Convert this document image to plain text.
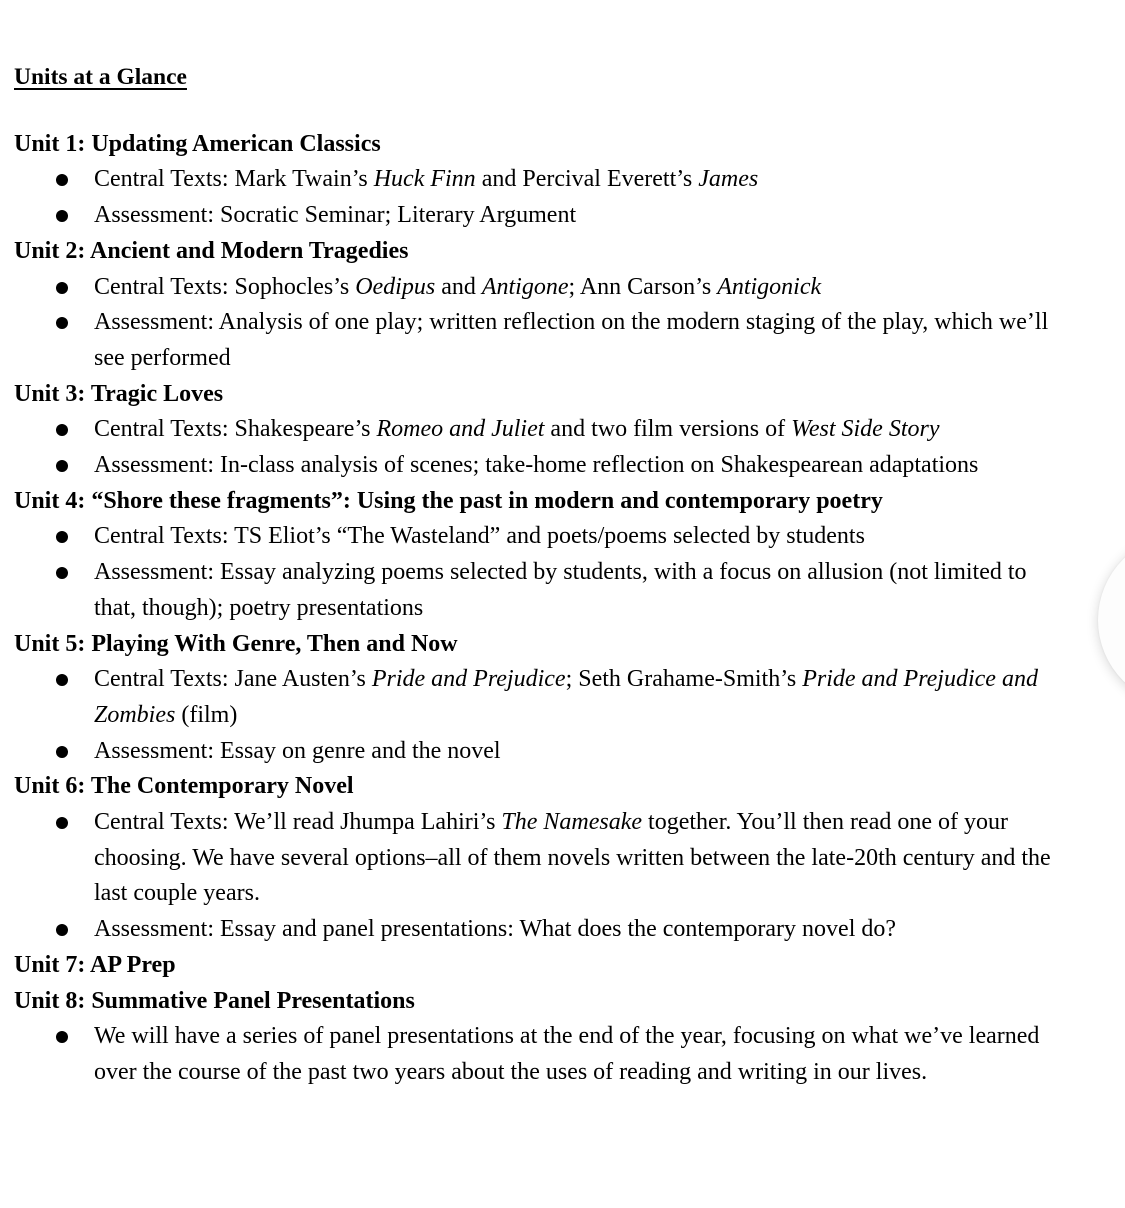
Units at a Glance
Unit 1: Updating American Classics
Central Texts: Mark Twain’s Huck Finn and Percival Everett’s James
Assessment: Socratic Seminar; Literary Argument
Unit 2: Ancient and Modern Tragedies
Central Texts: Sophocles’s Oedipus and Antigone; Ann Carson’s Antigonick
Assessment: Analysis of one play; written reflection on the modern staging of the play, which we’ll see performed
Unit 3: Tragic Loves
Central Texts: Shakespeare’s Romeo and Juliet and two film versions of West Side Story
Assessment: In-class analysis of scenes; take-home reflection on Shakespearean adaptations
Unit 4: “Shore these fragments”: Using the past in modern and contemporary poetry
Central Texts: TS Eliot’s “The Wasteland” and poets/poems selected by students
Assessment: Essay analyzing poems selected by students, with a focus on allusion (not limited to that, though); poetry presentations
Unit 5: Playing With Genre, Then and Now
Central Texts: Jane Austen’s Pride and Prejudice; Seth Grahame-Smith’s Pride and Prejudice and Zombies (film)
Assessment: Essay on genre and the novel
Unit 6: The Contemporary Novel
Central Texts: We’ll read Jhumpa Lahiri’s The Namesake together. You’ll then read one of your choosing. We have several options–all of them novels written between the late-20th century and the last couple years.
Assessment: Essay and panel presentations: What does the contemporary novel do?
Unit 7: AP Prep
Unit 8: Summative Panel Presentations
We will have a series of panel presentations at the end of the year, focusing on what we’ve learned over the course of the past two years about the uses of reading and writing in our lives.
